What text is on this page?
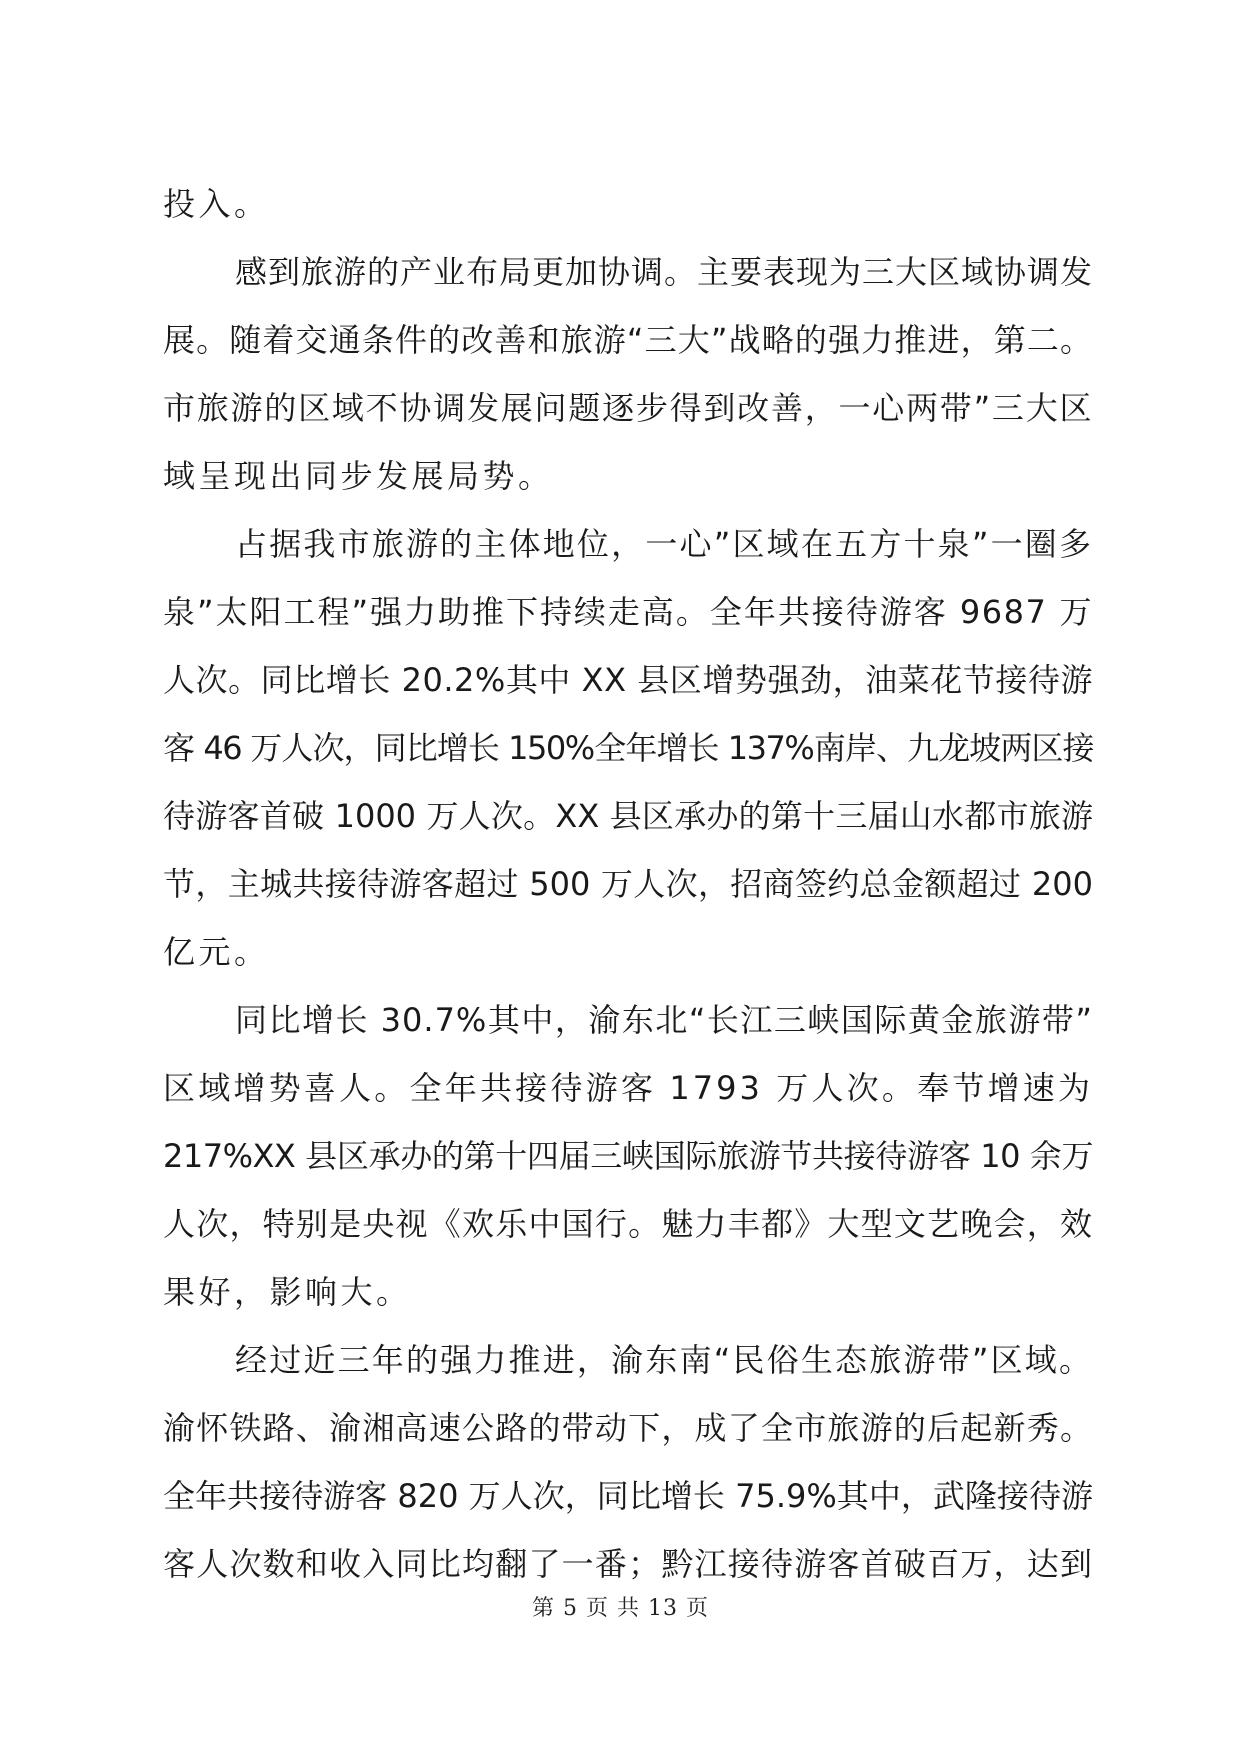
投入。
感到旅游的产业布局更加协调。主要表现为三大区域协调发
展。随着交通条件的改善和旅游“三大”战略的强力推进，第二。
市旅游的区域不协调发展问题逐步得到改善，一心两带”三大区
域呈现出同步发展局势。
占据我市旅游的主体地位，一心”区域在五方十泉”一圈多
泉”太阳工程”强力助推下持续走高。全年共接待游客 9687 万
人次。同比增长 20.2%其中 XX 县区增势强劲，油菜花节接待游
客 46 万人次，同比增长 150%全年增长 137%南岸、九龙坡两区接
待游客首破 1000 万人次。XX 县区承办的第十三届山水都市旅游
节，主城共接待游客超过 500 万人次，招商签约总金额超过 200
亿元。
同比增长 30.7%其中，渝东北“长江三峡国际黄金旅游带”
区域增势喜人。全年共接待游客 1793 万人次。奉节增速为
217%XX 县区承办的第十四届三峡国际旅游节共接待游客 10 余万
人次，特别是央视《欢乐中国行。魅力丰都》大型文艺晚会，效
果好，影响大。
经过近三年的强力推进，渝东南“民俗生态旅游带”区域。
渝怀铁路、渝湘高速公路的带动下，成了全市旅游的后起新秀。
全年共接待游客 820 万人次，同比增长 75.9%其中，武隆接待游
客人次数和收入同比均翻了一番；黔江接待游客首破百万，达到
第 5 页 共 13 页
